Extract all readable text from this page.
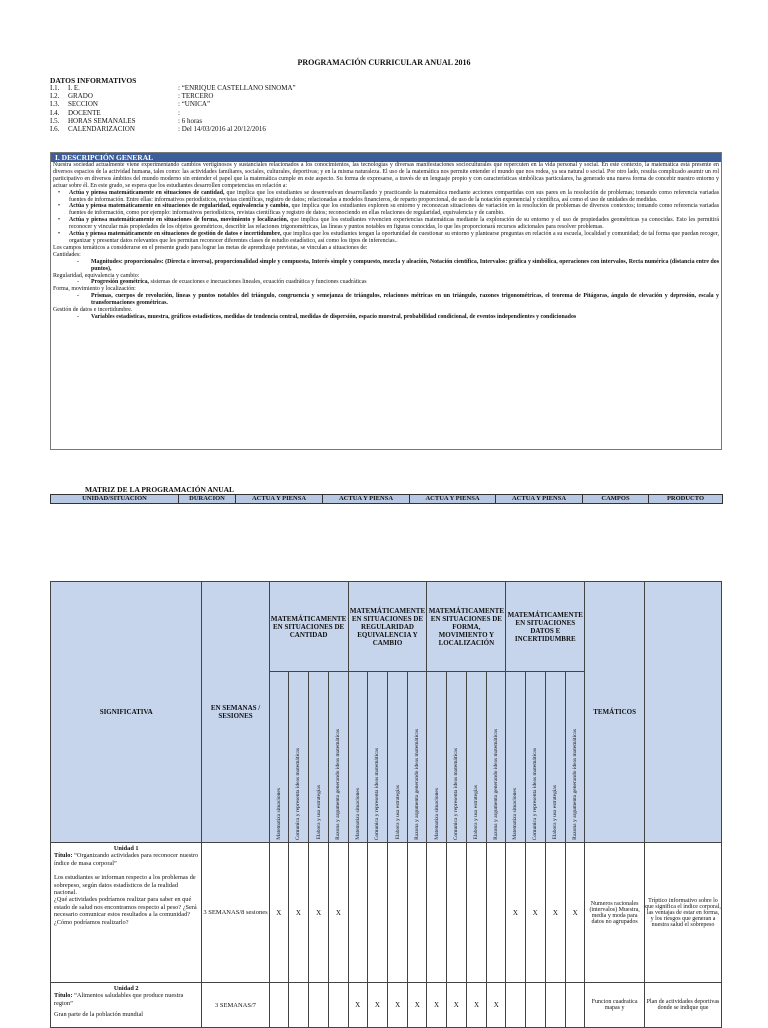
PROGRAMACIÓN CURRICULAR ANUAL 2016
DATOS INFORMATIVOS
I.1. I. E.	: “ENRIQUE CASTELLANO SINOMA”
I.2. GRADO	: TERCERO
I.3. SECCION	: “UNICA”
I.4. DOCENTE	:
I.5. HORAS SEMANALES	: 6 horas
I.6. CALENDARIZACION	: Del 14/03/2016 al 20/12/2016
I. DESCRIPCIÓN GENERAL

Nuestra sociedad actualmente viene experimentando cambios vertiginosos y sustanciales relacionados a los conocimientos, las tecnologías y diversas manifestaciones socioculturales que repercuten en la vida personal y social. En este contexto, la matemática está presente en diversos espacios de la actividad humana, tales como: las actividades familiares, sociales, culturales, deportivas; y en la misma naturaleza. El uso de la matemática nos permite entender el mundo que nos rodea, ya sea natural o social. Por otro lado, resulta complicado asumir un rol participativo en diversos ámbitos del mundo moderno sin entender el papel que la matemática cumple en este aspecto. Su forma de expresarse, a través de un lenguaje propio y con características simbólicas particulares, ha generado una nueva forma de concebir nuestro entorno y actuar sobre él. En este grado, se espera que los estudiantes desarrollen competencias en relación a:

• Actúa y piensa matemáticamente en situaciones de cantidad, que implica que los estudiantes se desenvuelvan desarrollando y practicando la matemática mediante acciones compartidas con sus pares en la resolución de problemas; tomando como referencia variadas fuentes de información. Entre ellas: informativos periodísticos, revistas científicas, registro de datos; relacionadas a modelos financieros, de reparto proporcional, de uso de la notación exponencial y científica, así como el uso de unidades de medidas.

• Actúa y piensa matemáticamente en situaciones de regularidad, equivalencia y cambio, que implica que los estudiantes exploren su entorno y reconozcan situaciones de variación en la resolución de problemas de diversos contextos; tomando como referencia variadas fuentes de información, como por ejemplo: informativos periodísticos, revistas científicas y registro de datos; reconociendo en ellas relaciones de regularidad, equivalencia y de cambio.

• Actúa y piensa matemáticamente en situaciones de forma, movimiento y localización, que implica que los estudiantes vivencien experiencias matemáticas mediante la exploración de su entorno y el uso de propiedades geométricas ya conocidas. Esto les permitirá reconocer y vincular más propiedades de los objetos geométricos, describir las relaciones trigonométricas, las líneas y puntos notables en figuras conocidas, lo que les proporcionará recursos adicionales para resolver problemas.

• Actúa y piensa matemáticamente en situaciones de gestión de datos e incertidumbre, que implica que los estudiantes tengan la oportunidad de cuestionar su entorno y plantearse preguntas en relación a su escuela, localidad y comunidad; de tal forma que puedan recoger, organizar y presentar datos relevantes que les permitan reconocer diferentes clases de estudio estadístico, así como los tipos de inferencias..

Los campos temáticos a considerarse en el presente grado para lograr las metas de aprendizaje previstas, se vinculan a situaciones de:

Cantidades:

- Magnitudes: proporcionales: (Directa e inversa), proporcionalidad simple y compuesta, Interés simple y compuesto, mezcla y aleación, Notación científica, Intervalos: gráfica y simbólica, operaciones con intervalos, Recta numérica (distancia entre dos puntos),

Regularidad, equivalencia y cambio:

- Progresión geométrica, sistemas de ecuaciones e inecuaciones lineales, ecuación cuadrática y funciones cuadráticas

Forma, movimiento y localización:

- Prismas, cuerpos de revolución, líneas y puntos notables del triángulo, congruencia y semejanza de triángulos, relaciones métricas en un triángulo, razones trigonométricas, el teorema de Pitágoras, ángulo de elevación y depresión, escala y transformaciones geométricas.

Gestión de datos e incertidumbre.

- Variables estadísticas, muestra, gráficos estadísticos, medidas de tendencia central, medidas de dispersión, espacio muestral, probabilidad condicional, de eventos independientes y condicionados

MATRIZ DE LA PROGRAMACIÓN ANUAL
UNIDAD/SITUACION	DURACION	ACTUA Y PIENSA	ACTUA Y PIENSA	ACTUA Y PIENSA	ACTUA Y PIENSA	CAMPOS	PRODUCTO
SIGNIFICATIVA	EN SEMANAS / SESIONES	MATEMÁTICAMENTE EN SITUACIONES DE CANTIDAD				MATEMÁTICAMENTE EN SITUACIONES DE REGULARIDAD EQUIVALENCIA Y CAMBIO				MATEMÁTICAMENTE EN SITUACIONES DE FORMA, MOVIMIENTO Y LOCALIZACIÓN				MATEMÁTICAMENTE EN SITUACIONES DATOS E INCERTIDUMBRE				TEMÁTICOS	
		Matematiza situaciones	Comunica y representa ideas matemáticas	Elabora y usa estrategias	Razona y argumenta generando ideas matemáticas	Matematiza situaciones	Comunica y representa ideas matemáticas	Elabora y usa estrategias	Razona y argumenta generando ideas matemáticas	Matematiza situaciones	Comunica y representa ideas matemáticas	Elabora y usa estrategias	Razona y argumenta generando ideas matemáticas	Matematiza situaciones	Comunica y representa ideas matemáticas	Elabora y usa estrategias	Razona y argumenta generando ideas matemáticas		

Unidad 1

Título: “Organizando actividades para reconocer nuestro índice de masa corporal”

Los estudiantes se informan respecto a los problemas de sobrepeso, según datos estadísticos de la realidad nacional.

¿Qué actividades podríamos realizar para saber en qué estado de salud nos encontramos respecto al peso? ¿Será necesario comunicar estos resultados a la comunidad? ¿Cómo podríamos realizarlo?	3 SEMANAS/8 sesiones	X	X	X	X									X	X	X	X	Numeros racionales (intervalos) Muestra, media y moda para datos no agrupados	Tríptico informativo sobre lo que significa el índice corporal, las ventajas de estar en forma, y los riesgos que generan a nuestra salud el sobrepeso

Unidad 2

Título: “Alimentos saludables que produce nuestra region”

Gran parte de la población mundial	3 SEMANAS/7					X	X	X	X	X	X	X	X					Funcion cuadratica mapas y	Plan de actividades deportivas donde se indique que
